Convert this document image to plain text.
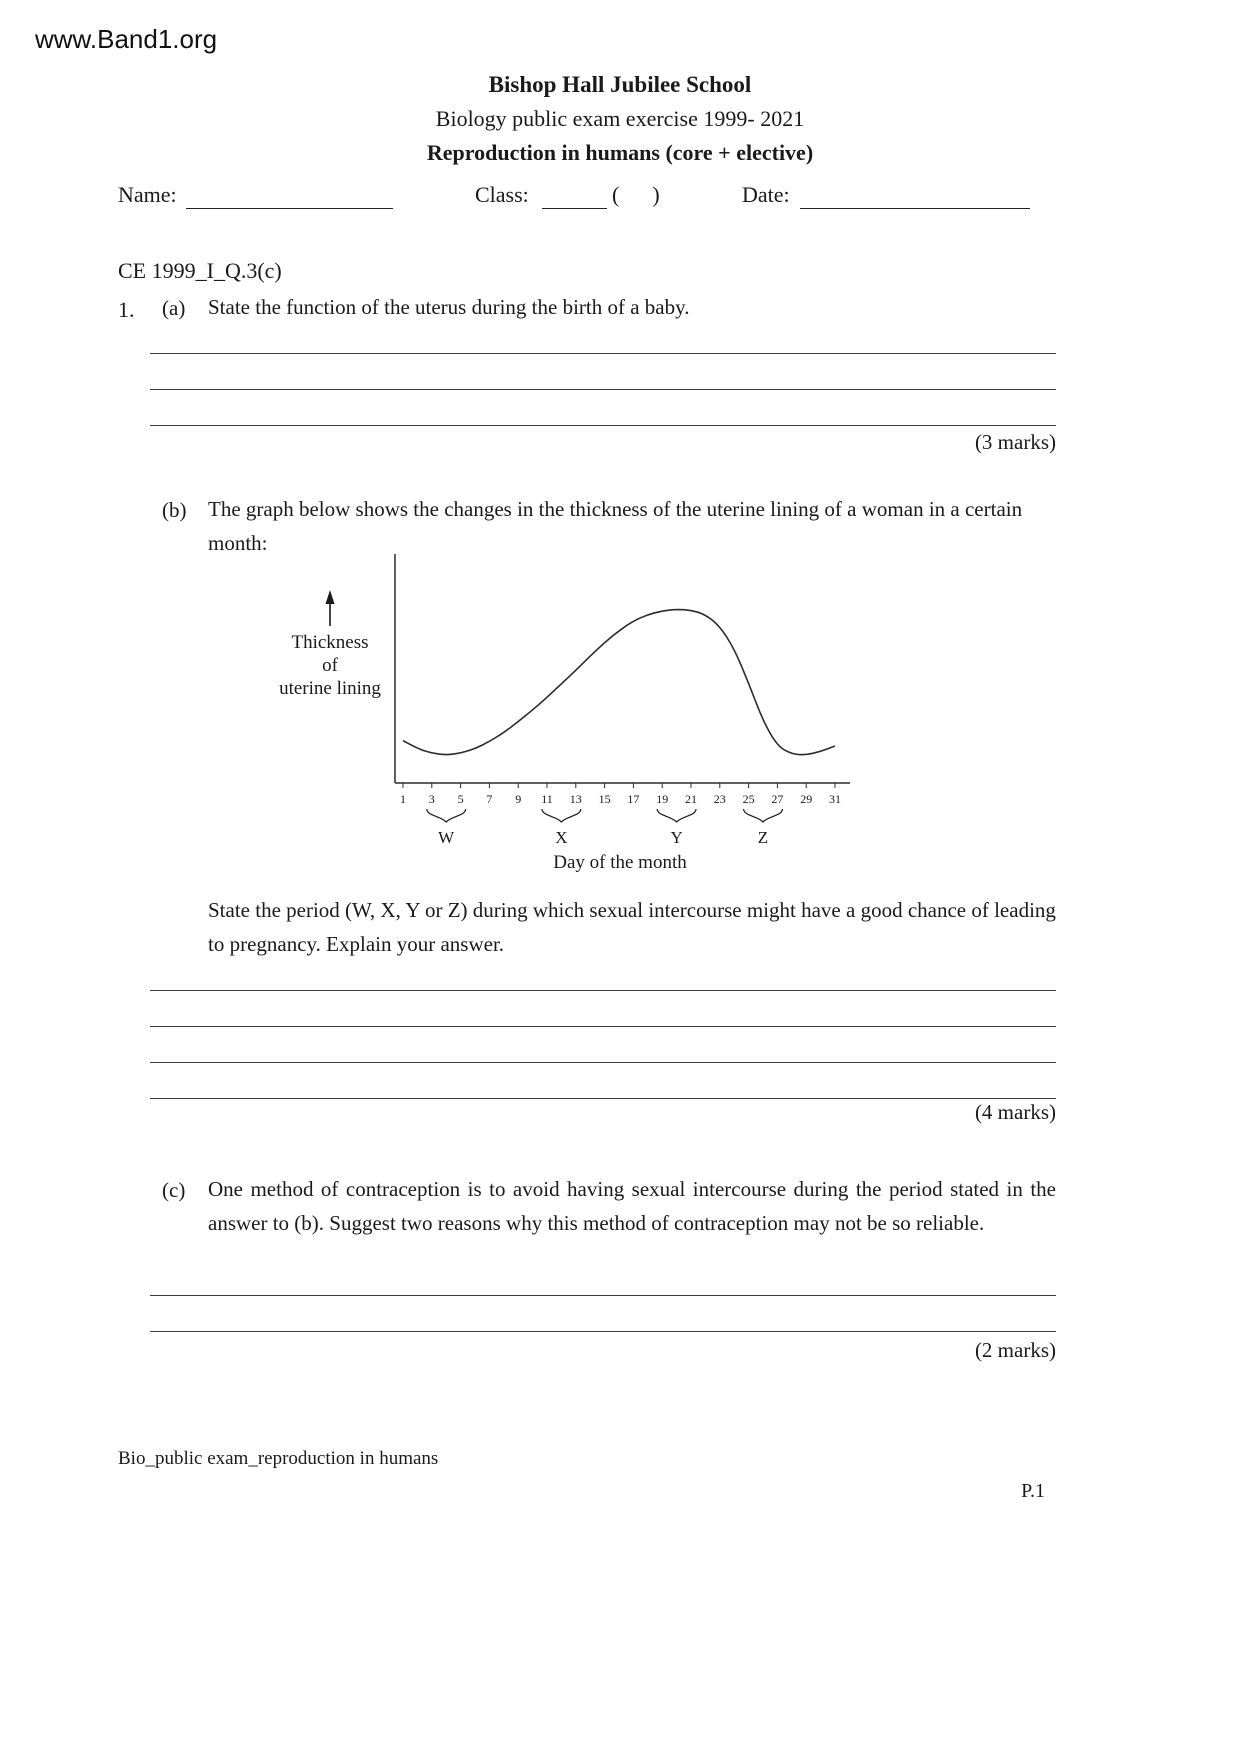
www.Band1.org
Bishop Hall Jubilee School
Biology public exam exercise 1999- 2021
Reproduction in humans (core + elective)
Name:	Class:	(      )	Date:
CE 1999_I_Q.3(c)
1. (a) State the function of the uterus during the birth of a baby.
(3 marks)
(b) The graph below shows the changes in the thickness of the uterine lining of a woman in a certain month:
Thickness
of
uterine lining
1 3 5 7 9 11 13 15 17 19 21 23 25 27 29 31
W	X	Y	Z
Day of the month
State the period (W, X, Y or Z) during which sexual intercourse might have a good chance of leading to pregnancy. Explain your answer.
(4 marks)
(c) One method of contraception is to avoid having sexual intercourse during the period stated in the answer to (b). Suggest two reasons why this method of contraception may not be so reliable.
(2 marks)
Bio_public exam_reproduction in humans
P.1
